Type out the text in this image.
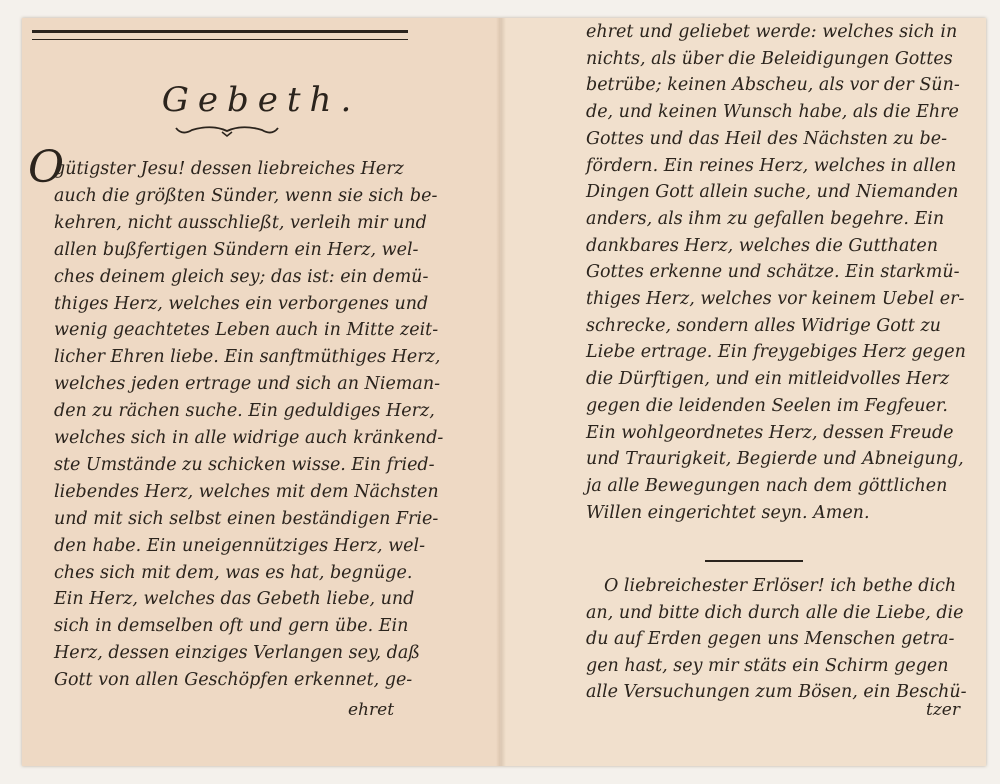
Gebeth.
O
gütigster Jesu! dessen liebreiches Herz
auch die größten Sünder, wenn sie sich be-
kehren, nicht ausschließt, verleih mir und
allen bußfertigen Sündern ein Herz, wel-
ches deinem gleich sey; das ist: ein demü-
thiges Herz, welches ein verborgenes und
wenig geachtetes Leben auch in Mitte zeit-
licher Ehren liebe. Ein sanftmüthiges Herz,
welches jeden ertrage und sich an Nieman-
den zu rächen suche. Ein geduldiges Herz,
welches sich in alle widrige auch kränkend-
ste Umstände zu schicken wisse. Ein fried-
liebendes Herz, welches mit dem Nächsten
und mit sich selbst einen beständigen Frie-
den habe. Ein uneigennütziges Herz, wel-
ches sich mit dem, was es hat, begnüge.
Ein Herz, welches das Gebeth liebe, und
sich in demselben oft und gern übe. Ein
Herz, dessen einziges Verlangen sey, daß
Gott von allen Geschöpfen erkennet, ge-
ehret und geliebet werde: welches sich in
nichts, als über die Beleidigungen Gottes
betrübe; keinen Abscheu, als vor der Sün-
de, und keinen Wunsch habe, als die Ehre
Gottes und das Heil des Nächsten zu be-
fördern. Ein reines Herz, welches in allen
Dingen Gott allein suche, und Niemanden
anders, als ihm zu gefallen begehre. Ein
dankbares Herz, welches die Gutthaten
Gottes erkenne und schätze. Ein starkmü-
thiges Herz, welches vor keinem Uebel er-
schrecke, sondern alles Widrige Gott zu
Liebe ertrage. Ein freygebiges Herz gegen
die Dürftigen, und ein mitleidvolles Herz
gegen die leidenden Seelen im Fegfeuer.
Ein wohlgeordnetes Herz, dessen Freude
und Traurigkeit, Begierde und Abneigung,
ja alle Bewegungen nach dem göttlichen
Willen eingerichtet seyn. Amen.
O liebreichester Erlöser! ich bethe dich
an, und bitte dich durch alle die Liebe, die
du auf Erden gegen uns Menschen getra-
gen hast, sey mir stäts ein Schirm gegen
alle Versuchungen zum Bösen, ein Beschü-
ehret	tzer
